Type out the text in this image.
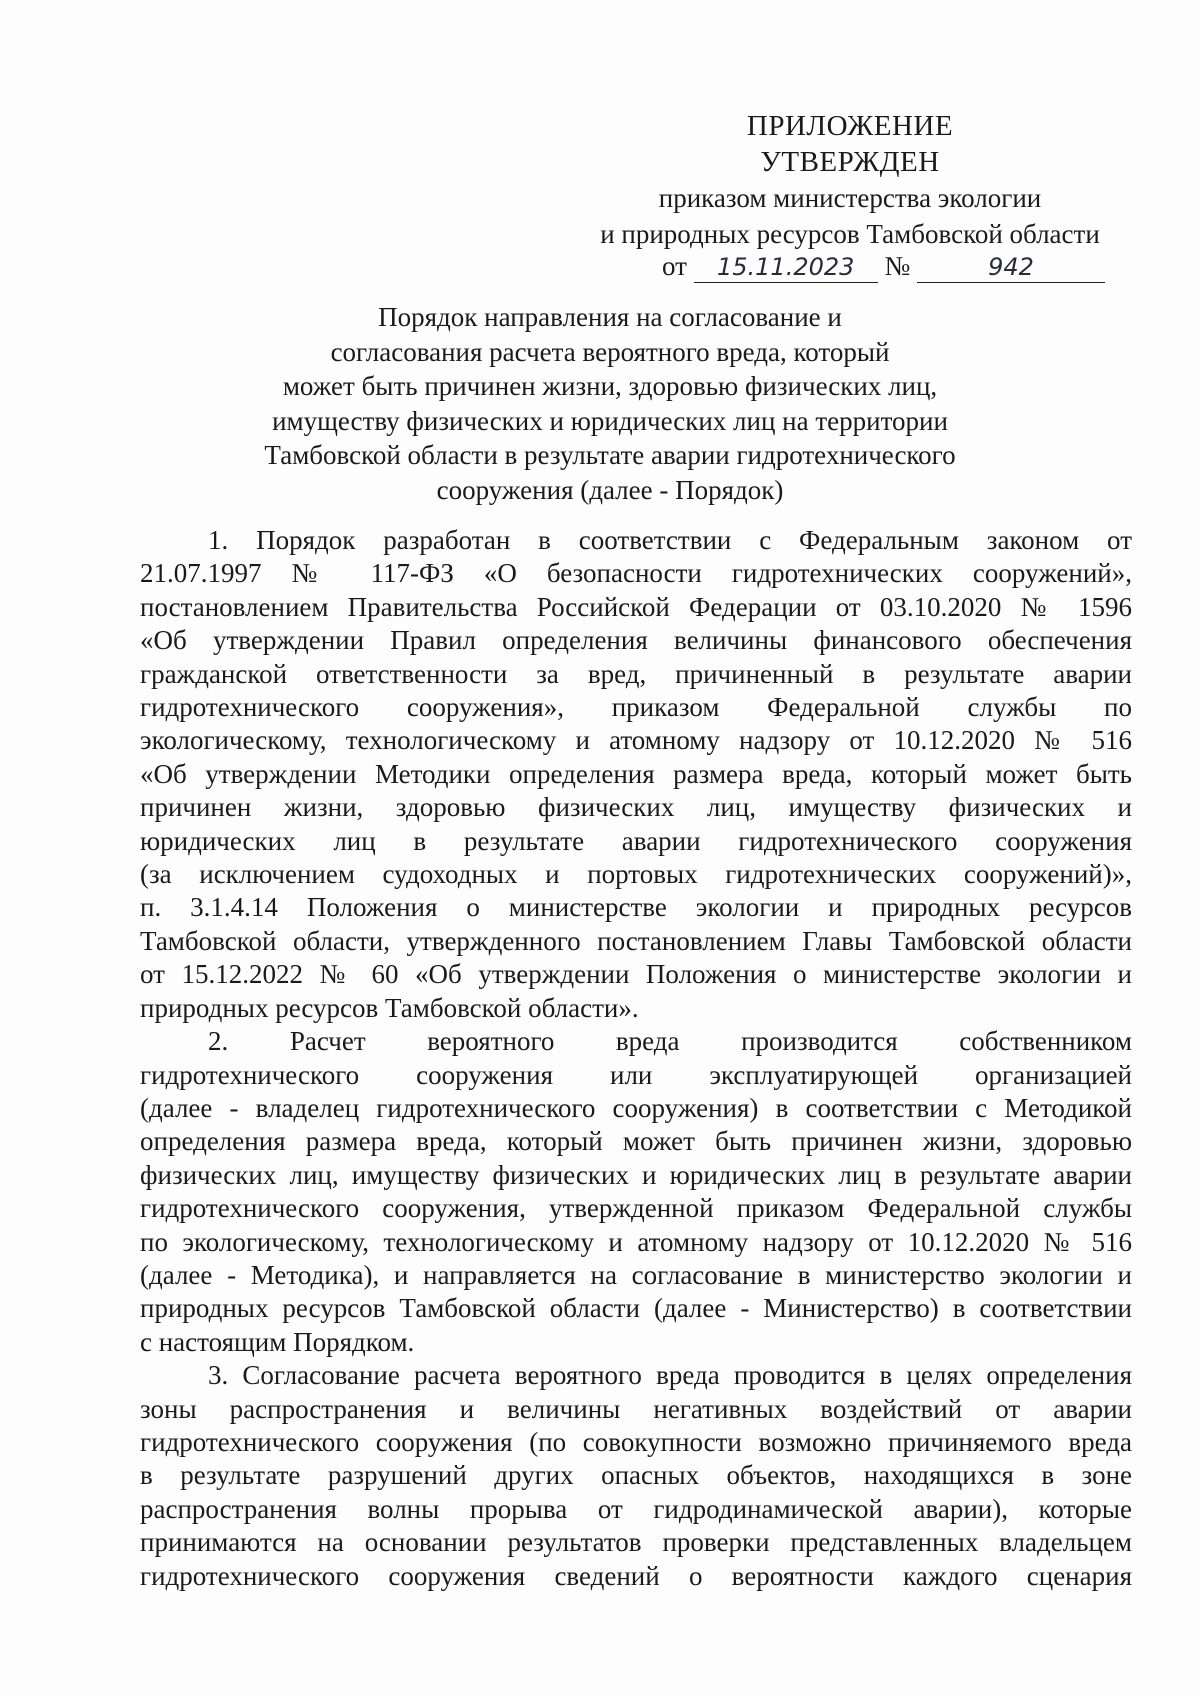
ПРИЛОЖЕНИЕ
УТВЕРЖДЕН
приказом министерства экологии
и природных ресурсов Тамбовской области
от 15.11.2023 №	942
Порядок направления на согласование и
согласования расчета вероятного вреда, который
может быть причинен жизни, здоровью физических лиц,
имуществу физических и юридических лиц на территории
Тамбовской области в результате аварии гидротехнического
сооружения (далее - Порядок)
1. Порядок разработан в соответствии с Федеральным законом от
21.07.1997 № 117-ФЗ «О безопасности гидротехнических сооружений»,
постановлением Правительства Российской Федерации от 03.10.2020 № 1596
«Об утверждении Правил определения величины финансового обеспечения
гражданской ответственности за вред, причиненный в результате аварии
гидротехнического сооружения», приказом Федеральной службы по
экологическому, технологическому и атомному надзору от 10.12.2020 № 516
«Об утверждении Методики определения размера вреда, который может быть
причинен жизни, здоровью физических лиц, имуществу физических и
юридических лиц в результате аварии гидротехнического сооружения
(за исключением судоходных и портовых гидротехнических сооружений)»,
п. 3.1.4.14 Положения о министерстве экологии и природных ресурсов
Тамбовской области, утвержденного постановлением Главы Тамбовской области
от 15.12.2022 № 60 «Об утверждении Положения о министерстве экологии и
природных ресурсов Тамбовской области».
2. Расчет вероятного вреда производится собственником
гидротехнического сооружения или эксплуатирующей организацией
(далее - владелец гидротехнического сооружения) в соответствии с Методикой
определения размера вреда, который может быть причинен жизни, здоровью
физических лиц, имуществу физических и юридических лиц в результате аварии
гидротехнического сооружения, утвержденной приказом Федеральной службы
по экологическому, технологическому и атомному надзору от 10.12.2020 № 516
(далее - Методика), и направляется на согласование в министерство экологии и
природных ресурсов Тамбовской области (далее - Министерство) в соответствии
с настоящим Порядком.
3. Согласование расчета вероятного вреда проводится в целях определения
зоны распространения и величины негативных воздействий от аварии
гидротехнического сооружения (по совокупности возможно причиняемого вреда
в результате разрушений других опасных объектов, находящихся в зоне
распространения волны прорыва от гидродинамической аварии), которые
принимаются на основании результатов проверки представленных владельцем
гидротехнического сооружения сведений о вероятности каждого сценария
